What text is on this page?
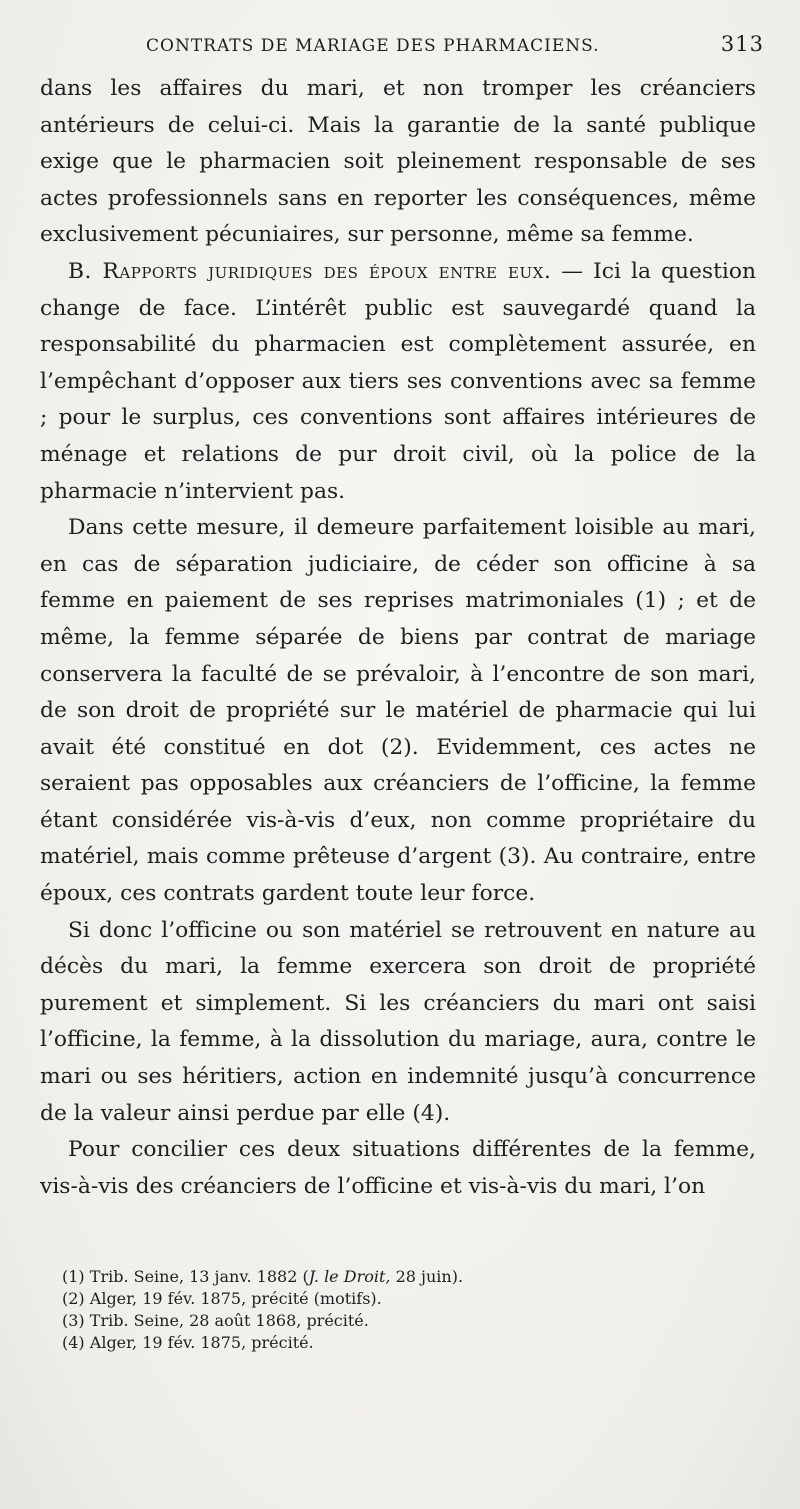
CONTRATS DE MARIAGE DES PHARMACIENS.	313

dans les affaires du mari, et non tromper les créanciers antérieurs de celui-ci. Mais la garantie de la santé publique exige que le pharmacien soit pleinement responsable de ses actes professionnels sans en reporter les conséquences, même exclusivement pécuniaires, sur personne, même sa femme.

B. Rapports juridiques des époux entre eux. — Ici la question change de face. L’intérêt public est sauvegardé quand la responsabilité du pharmacien est complètement assurée, en l’empêchant d’opposer aux tiers ses conventions avec sa femme ; pour le surplus, ces conventions sont affaires intérieures de ménage et relations de pur droit civil, où la police de la pharmacie n’intervient pas.

Dans cette mesure, il demeure parfaitement loisible au mari, en cas de séparation judiciaire, de céder son officine à sa femme en paiement de ses reprises matrimoniales (1) ; et de même, la femme séparée de biens par contrat de mariage conservera la faculté de se prévaloir, à l’encontre de son mari, de son droit de propriété sur le matériel de pharmacie qui lui avait été constitué en dot (2). Evidemment, ces actes ne seraient pas opposables aux créanciers de l’officine, la femme étant considérée vis-à-vis d’eux, non comme propriétaire du matériel, mais comme prêteuse d’argent (3). Au contraire, entre époux, ces contrats gardent toute leur force.

Si donc l’officine ou son matériel se retrouvent en nature au décès du mari, la femme exercera son droit de propriété purement et simplement. Si les créanciers du mari ont saisi l’officine, la femme, à la dissolution du mariage, aura, contre le mari ou ses héritiers, action en indemnité jusqu’à concurrence de la valeur ainsi perdue par elle (4).

Pour concilier ces deux situations différentes de la femme, vis-à-vis des créanciers de l’officine et vis-à-vis du mari, l’on

(1) Trib. Seine, 13 janv. 1882 (J. le Droit, 28 juin).
(2) Alger, 19 fév. 1875, précité (motifs).
(3) Trib. Seine, 28 août 1868, précité.
(4) Alger, 19 fév. 1875, précité.
